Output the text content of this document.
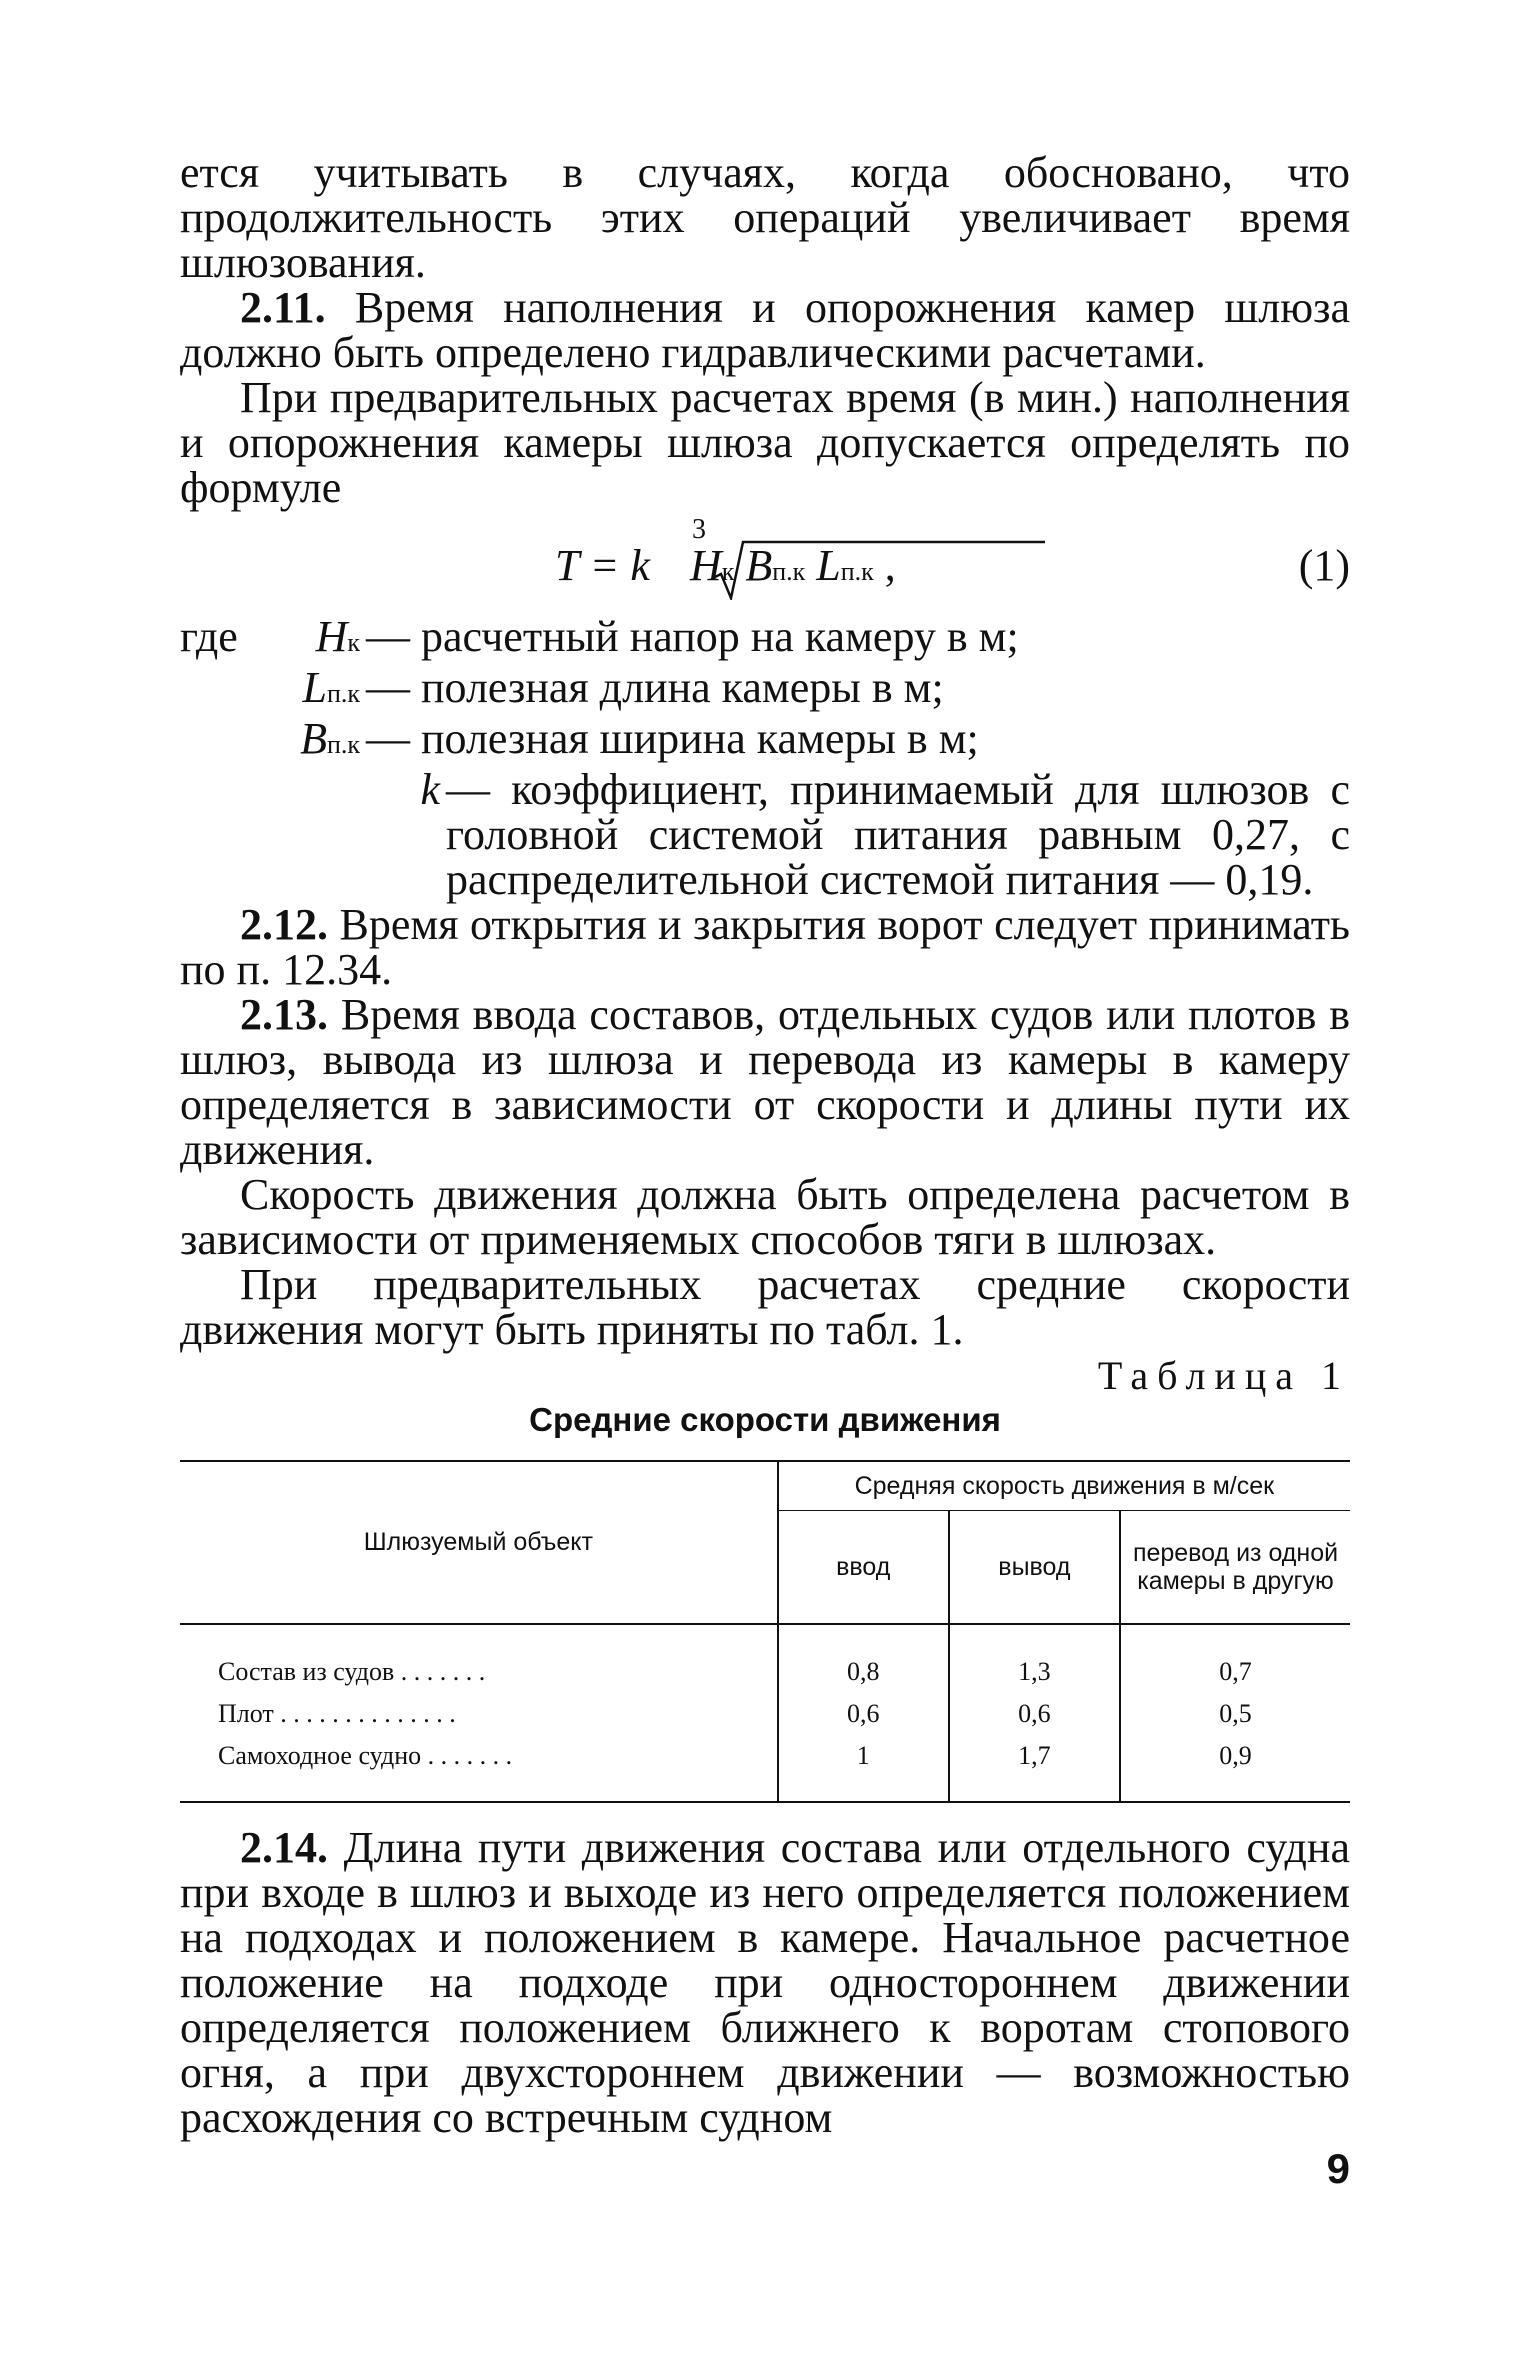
ется учитывать в случаях, когда обосновано, что продолжительность этих операций увеличивает время шлюзования.

2.11. Время наполнения и опорожнения камер шлюза должно быть определено гидравлическими расчетами.

При предварительных расчетах время (в мин.) наполнения и опорожнения камеры шлюза допускается определять по формуле

3
T = k Hк Bп.к Lп.к ,	(1)
где	Hк — расчетный напор на камеру в м;
Lп.к — полезная длина камеры в м;
Bп.к — полезная ширина камеры в м;
k — коэффициент, принимаемый для шлюзов с головной системой питания равным 0,27, с распределительной системой питания — 0,19.

2.12. Время открытия и закрытия ворот следует принимать по п. 12.34.

2.13. Время ввода составов, отдельных судов или плотов в шлюз, вывода из шлюза и перевода из камеры в камеру определяется в зависимости от скорости и длины пути их движения.

Скорость движения должна быть определена расчетом в зависимости от применяемых способов тяги в шлюзах.

При предварительных расчетах средние скорости движения могут быть приняты по табл. 1.

Таблица 1
Средние скорости движения
Шлюзуемый объект	Средняя скорость движения в м/сек		
	ввод	вывод	перевод из одной камеры в другую
Состав из судов . . . . . . .	0,8	1,3	0,7
Плот . . . . . . . . . . . . . .	0,6	0,6	0,5
Самоходное судно . . . . . . .	1	1,7	0,9

2.14. Длина пути движения состава или отдельного судна при входе в шлюз и выходе из него определяется положением на подходах и положением в камере. Начальное расчетное положение на подходе при одностороннем движении определяется положением ближнего к воротам стопового огня, а при двухстороннем движении — возможностью расхождения со встречным судном

9
